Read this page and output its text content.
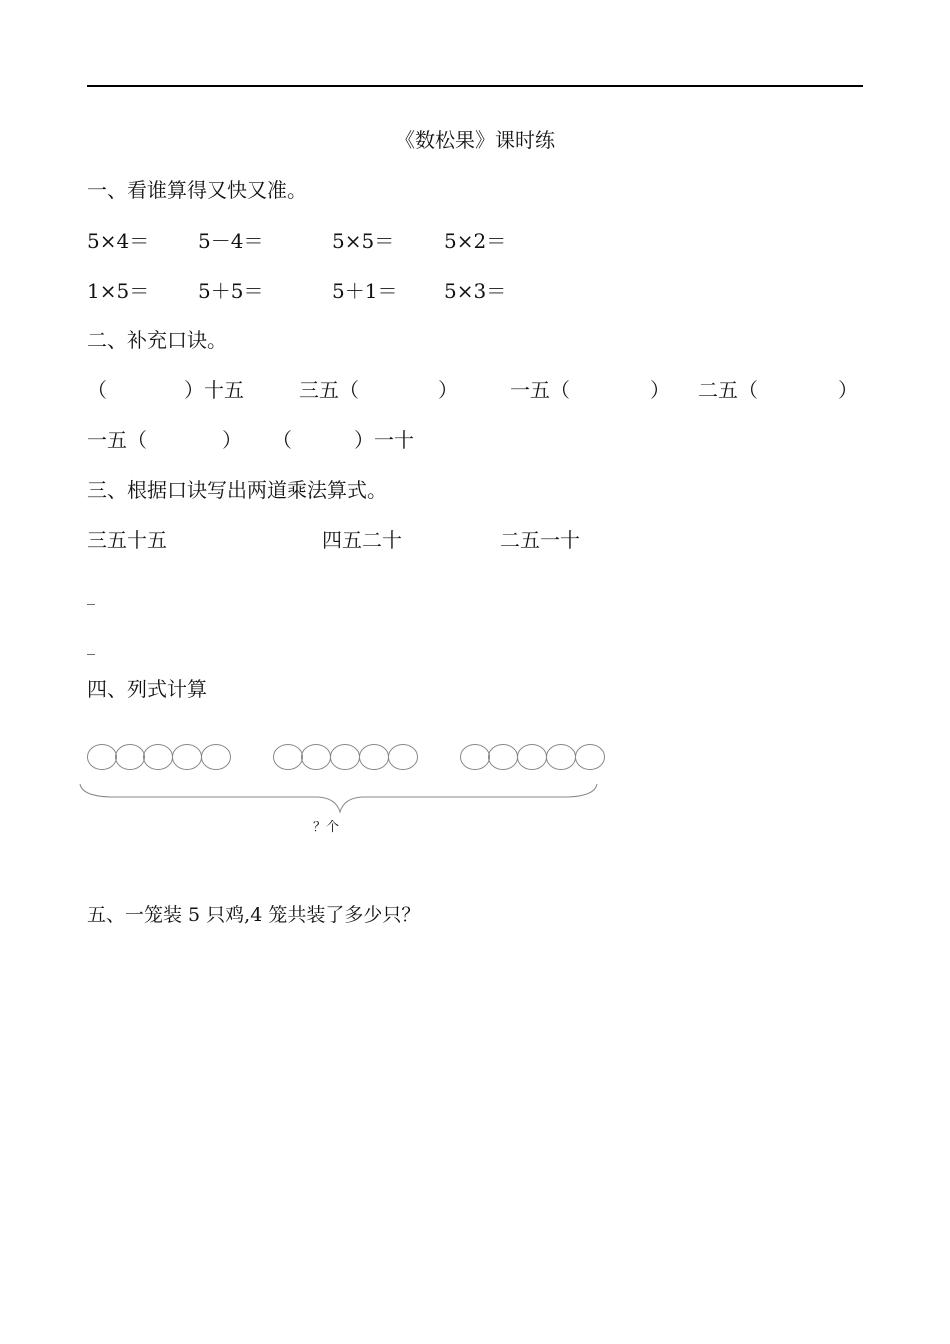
《数松果》课时练
一、看谁算得又快又准。
5×4＝ 5－4＝	5×5＝ 5×2＝
1×5＝ 5＋5＝	5＋1＝ 5×3＝
二、补充口诀。
（	）十五	三五（	）	一五（	） 二五（	）
一五（	） （	）一十
三、根据口诀写出两道乘法算式。
三五十五	四五二十	二五一十
_
_
四、列式计算
？个
五、一笼装 5 只鸡,4 笼共装了多少只？
